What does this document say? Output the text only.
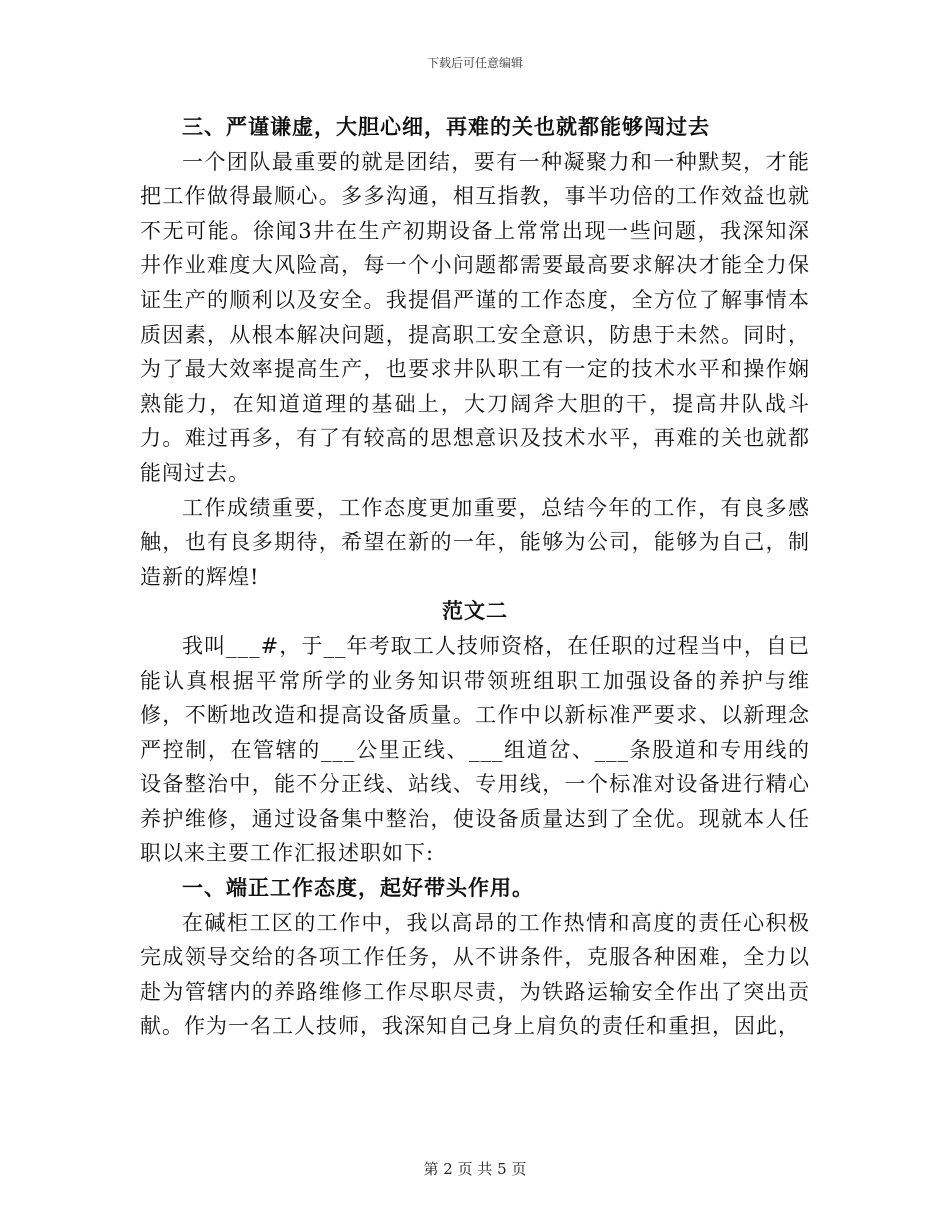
下载后可任意编辑
三、严谨谦虚，大胆心细，再难的关也就都能够闯过去

一个团队最重要的就是团结，要有一种凝聚力和一种默契，才能把工作做得最顺心。多多沟通，相互指教，事半功倍的工作效益也就不无可能。徐闻3井在生产初期设备上常常出现一些问题，我深知深井作业难度大风险高，每一个小问题都需要最高要求解决才能全力保证生产的顺利以及安全。我提倡严谨的工作态度，全方位了解事情本质因素，从根本解决问题，提高职工安全意识，防患于未然。同时，为了最大效率提高生产，也要求井队职工有一定的技术水平和操作娴熟能力，在知道道理的基础上，大刀阔斧大胆的干，提高井队战斗力。难过再多，有了有较高的思想意识及技术水平，再难的关也就都能闯过去。

工作成绩重要，工作态度更加重要，总结今年的工作，有良多感触，也有良多期待，希望在新的一年，能够为公司，能够为自己，制造新的辉煌!

范文二

我叫___#，于__年考取工人技师资格，在任职的过程当中，自已能认真根据平常所学的业务知识带领班组职工加强设备的养护与维修，不断地改造和提高设备质量。工作中以新标准严要求、以新理念严控制，在管辖的___公里正线、___组道岔、___条股道和专用线的设备整治中，能不分正线、站线、专用线，一个标准对设备进行精心养护维修，通过设备集中整治，使设备质量达到了全优。现就本人任职以来主要工作汇报述职如下:

一、端正工作态度，起好带头作用。

在碱柜工区的工作中，我以高昂的工作热情和高度的责任心积极完成领导交给的各项工作任务，从不讲条件，克服各种困难，全力以赴为管辖内的养路维修工作尽职尽责，为铁路运输安全作出了突出贡献。作为一名工人技师，我深知自己身上肩负的责任和重担，因此，

第 2 页 共 5 页
